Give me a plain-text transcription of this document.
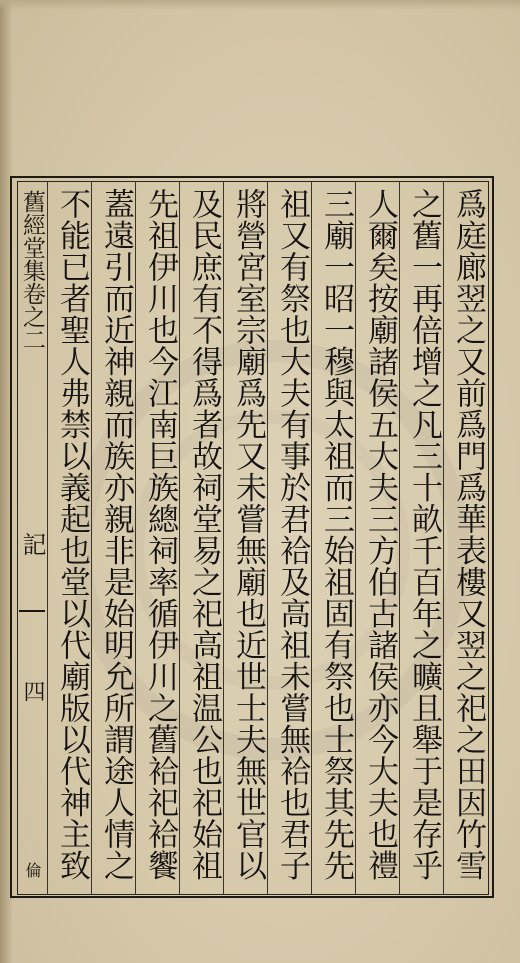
舊經堂集卷之二
記
四
倫	爲庭廊翌之又前爲門爲華表樓又翌之祀之田因竹雪
之舊一再倍增之凡三十畝千百年之曠且舉于是存乎
人爾矣按廟諸侯五大夫三方伯古諸侯亦今大夫也禮
三廟一昭一穆與太祖而三始祖固有祭也士祭其先先
祖又有祭也大夫有事於君袷及高祖未嘗無袷也君子
將營宮室宗廟爲先又未嘗無廟也近世士夫無世官以
及民庶有不得爲者故祠堂易之祀高祖温公也祀始祖
先祖伊川也今江南巨族總祠率循伊川之舊袷祀袷饗
蓋遠引而近神親而族亦親非是始明允所謂途人情之
不能已者聖人弗禁以義起也堂以代廟版以代神主致
